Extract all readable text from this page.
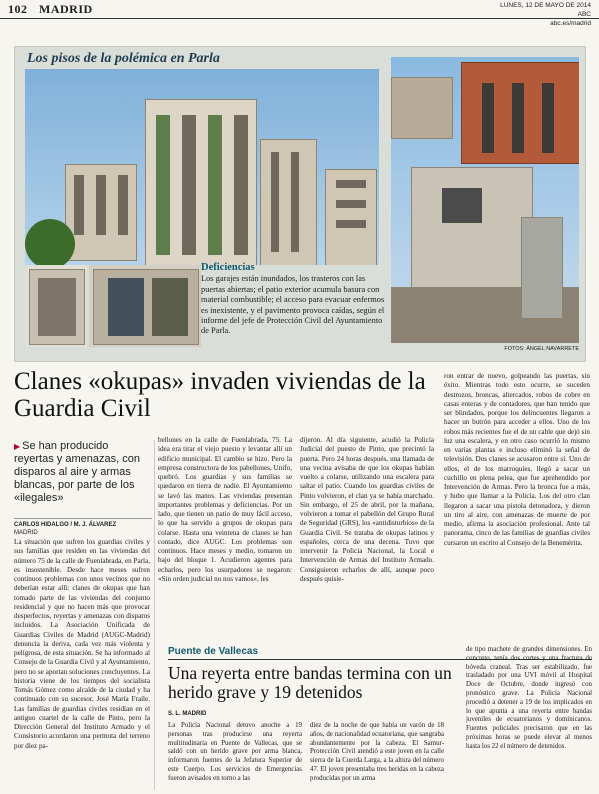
102 MADRID	LUNES, 12 DE MAYO DE 2014
ABC
abc.es/madrid
Los pisos de la polémica en Parla
Deficiencias
Los garajes están inundados, los trasteros con las puertas abiertas; el patio exterior acumula basura con material combustible; el acceso para evacuar enfermos es inexistente, y el pavimento provoca caídas, según el informe del jefe de Protección Civil del Ayuntamiento de Parla.
FOTOS: ÁNGEL NAVARRETE
Clanes «okupas» invaden viviendas de la Guardia Civil
▶ Se han producido reyertas y amenazas, con disparos al aire y armas blancas, por parte de los «ilegales»
CARLOS HIDALGO / M. J. ÁLVAREZ
MADRID

La situación que sufren los guardias civiles y sus familias que residen en las viviendas del número 75 de la calle de Fuenlabrada, en Parla, es insostenible. Desde hace meses sufren continuos problemas con unos vecinos que no deberían estar allí: clanes de okupas que han tomado parte de las viviendas del conjunto residencial y que no hacen más que provocar desperfectos, reyertas y amenazas con disparos incluidos. La Asociación Unificada de Guardias Civiles de Madrid (AUGC-Madrid) denuncia la deriva, cada vez más violenta y peligrosa, de esta situación. Se ha informado al Consejo de la Guardia Civil y al Ayuntamiento, pero no se aportan soluciones concluyentes. La historia viene de los tiempos del socialista Tomás Gómez como alcalde de la ciudad y ha continuado con su sucesor, José María Fraile. Las familias de guardias civiles residían en el antiguo cuartel de la calle de Pinto, pero la Dirección General del Instituto Armado y el Consistorio acordaron una permuta del terreno por diez pa-

bellones en la calle de Fuenlabrada, 75. La idea era tirar el viejo puesto y levantar allí un edificio municipal. El cambio se hizo. Pero la empresa constructora de los pabellones, Unifo, quebró. Los guardias y sus familias se quedaron en tierra de nadie. El Ayuntamiento se lavó las manos. Las viviendas presentan importantes problemas y deficiencias. Por un lado, que tienen un patio de muy fácil acceso, lo que ha servido a grupos de okupas para colarse. Hasta una veintena de clanes se han contado, dice AUGC. Los problemas son continuos. Hace meses y medio, tomaron un bajo del bloque 1. Acudieron agentes para echarlos, pero los usurpadores se negaron: «Sin orden judicial no nos vamos», les

dijeron. Al día siguiente, acudió la Policía Judicial del puesto de Pinto, que precintó la puerta. Pero 24 horas después, una llamada de una vecina avisaba de que los okupas habían vuelto a colarse, utilizando una escalera para saltar el patio. Cuando los guardias civiles de Pinto volvieron, el clan ya se había marchado. Sin embargo, el 25 de abril, por la mañana, volvieron a tomar el pabellón del Grupo Rural de Seguridad (GRS), los «antidisturbios» de la Guardia Civil. Se trataba de okupas latinos y españoles, cerca de una decena. Tuvo que intervenir la Policía Nacional, la Local e Intervención de Armas del Instituto Armado. Consiguieron echarlos de allí, aunque poco después quisie-

ron entrar de nuevo, golpeando las puertas, sin éxito. Mientras todo esto ocurre, se suceden destrozos, broncas, altercados, robos de cobre en casas enteras y de contadores, que han tenido que ser blindados, porque los delincuentes llegaron a hacer un butrón para acceder a ellos. Uno de los robos más recientes fue el de un cable que dejó sin luz una escalera, y en otro caso ocurrió lo mismo en varias plantas e incluso eliminó la señal de televisión. Dos clanes se acusaron entre sí. Uno de ellos, el de los marroquíes, llegó a sacar un cuchillo en plena pelea, que fue aprehendido por Intervención de Armas. Pero la bronca fue a más, y hubo que llamar a la Policía. Los del otro clan llegaron a sacar una pistola detonadora, y dieron un tiro al aire, con amenazas de muerte de por medio, afirma la asociación profesional. Ante tal panorama, cinco de las familias de guardias civiles cursaron un escrito al Consejo de la Benemérita.

Puente de Vallecas
Una reyerta entre bandas termina con un herido grave y 19 detenidos
S. L. MADRID

La Policía Nacional detuvo anoche a 19 personas tras producirse una reyerta multitudinaria en Puente de Vallecas, que se saldó con un herido grave por arma blanca, informaron fuentes de la Jefatura Superior de este Cuerpo. Los servicios de Emergencias fueron avisados en torno a las

diez de la noche de que había un varón de 18 años, de nacionalidad ecuatoriana, que sangraba abundantemente por la cabeza. El Samur-Protección Civil atendió a este joven en la calle sierra de la Cuerda Larga, a la altura del número 47. El joven presentaba tres heridas en la cabeza producidas por un arma

de tipo machete de grandes dimensiones. En concreto, tenía dos cortes y una fractura de bóveda craneal. Tras ser estabilizado, fue trasladado por una UVI móvil al Hospital Doce de Octubre, donde ingresó con pronóstico grave. La Policía Nacional procedió a detener a 19 de los implicados en lo que apunta a una reyerta entre bandas juveniles de ecuatorianos y dominicanos. Fuentes policiales precisaron que en las próximas horas se puede elevar al menos hasta los 22 el número de detenidos.
